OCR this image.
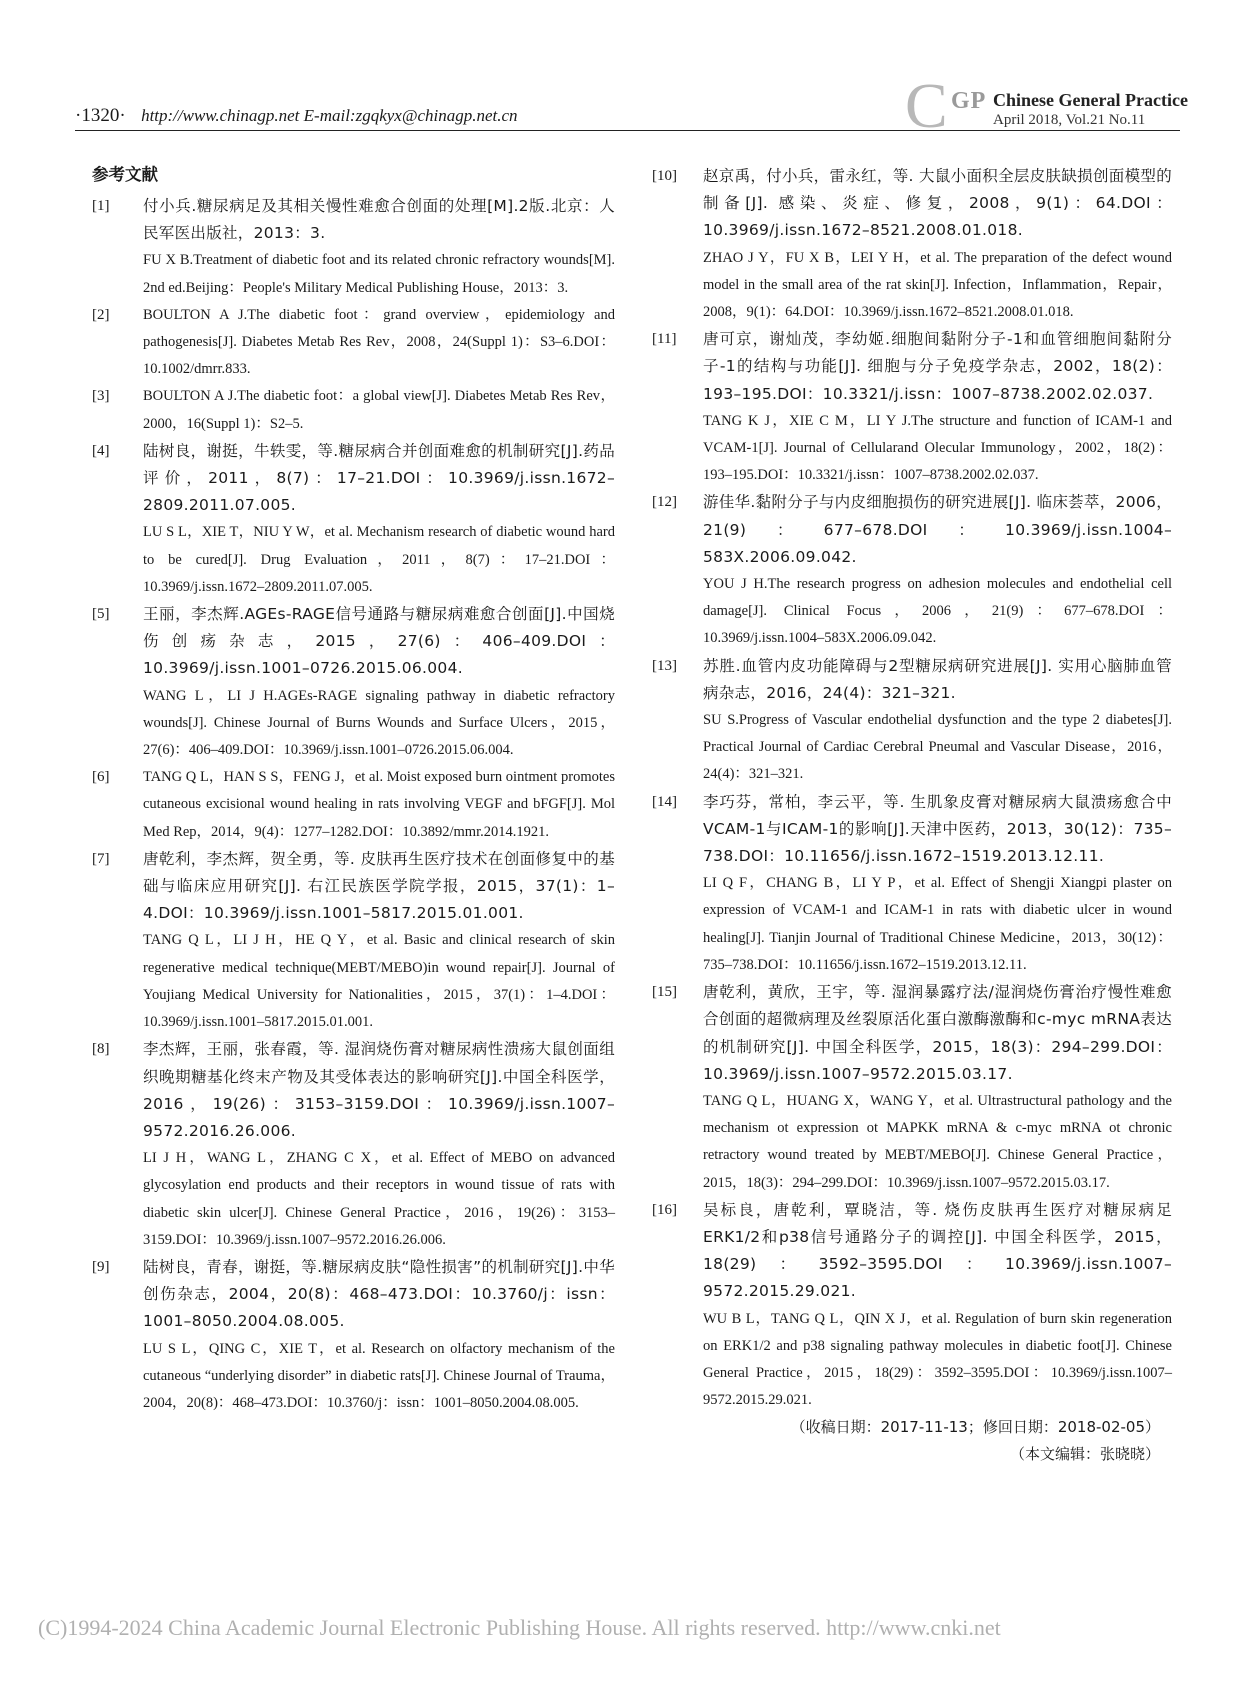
·1320· http://www.chinagp.net E-mail:zgqkyx@chinagp.net.cn	C GP Chinese General Practice
April 2018, Vol.21 No.11
参考文献
[1] 付小兵.糖尿病足及其相关慢性难愈合创面的处理[M].2版.北京：人民军医出版社，2013：3.
FU X B.Treatment of diabetic foot and its related chronic refractory wounds[M]. 2nd ed.Beijing：People's Military Medical Publishing House，2013：3.
[2] BOULTON A J.The diabetic foot：grand overview，epidemiology and pathogenesis[J]. Diabetes Metab Res Rev，2008，24(Suppl 1)：S3–6.DOI：10.1002/dmrr.833.
[3] BOULTON A J.The diabetic foot：a global view[J]. Diabetes Metab Res Rev，2000，16(Suppl 1)：S2–5.
[4] 陆树良，谢挺，牛轶雯，等.糖尿病合并创面难愈的机制研究[J].药品评价，2011，8(7)：17–21.DOI：10.3969/j.issn.1672–2809.2011.07.005.
LU S L，XIE T，NIU Y W，et al. Mechanism research of diabetic wound hard to be cured[J]. Drug Evaluation，2011，8(7)：17–21.DOI：10.3969/j.issn.1672–2809.2011.07.005.
[5] 王丽，李杰辉.AGEs-RAGE信号通路与糖尿病难愈合创面[J].中国烧伤创疡杂志，2015，27(6)：406–409.DOI：10.3969/j.issn.1001–0726.2015.06.004.
WANG L，LI J H.AGEs-RAGE signaling pathway in diabetic refractory wounds[J]. Chinese Journal of Burns Wounds and Surface Ulcers，2015，27(6)：406–409.DOI：10.3969/j.issn.1001–0726.2015.06.004.
[6] TANG Q L，HAN S S，FENG J，et al. Moist exposed burn ointment promotes cutaneous excisional wound healing in rats involving VEGF and bFGF[J]. Mol Med Rep，2014，9(4)：1277–1282.DOI：10.3892/mmr.2014.1921.
[7] 唐乾利，李杰辉，贺全勇，等. 皮肤再生医疗技术在创面修复中的基础与临床应用研究[J]. 右江民族医学院学报，2015，37(1)：1–4.DOI：10.3969/j.issn.1001–5817.2015.01.001.
TANG Q L，LI J H，HE Q Y，et al. Basic and clinical research of skin regenerative medical technique(MEBT/MEBO)in wound repair[J]. Journal of Youjiang Medical University for Nationalities，2015，37(1)：1–4.DOI：10.3969/j.issn.1001–5817.2015.01.001.
[8] 李杰辉，王丽，张春霞，等. 湿润烧伤膏对糖尿病性溃疡大鼠创面组织晚期糖基化终末产物及其受体表达的影响研究[J].中国全科医学，2016，19(26)：3153–3159.DOI：10.3969/j.issn.1007–9572.2016.26.006.
LI J H，WANG L，ZHANG C X，et al. Effect of MEBO on advanced glycosylation end products and their receptors in wound tissue of rats with diabetic skin ulcer[J]. Chinese General Practice，2016，19(26)：3153–3159.DOI：10.3969/j.issn.1007–9572.2016.26.006.
[9] 陆树良，青春，谢挺，等.糖尿病皮肤“隐性损害”的机制研究[J].中华创伤杂志，2004，20(8)：468–473.DOI：10.3760/j：issn：1001–8050.2004.08.005.
LU S L，QING C，XIE T，et al. Research on olfactory mechanism of the cutaneous “underlying disorder” in diabetic rats[J]. Chinese Journal of Trauma，2004，20(8)：468–473.DOI：10.3760/j：issn：1001–8050.2004.08.005.
[10] 赵京禹，付小兵，雷永红，等. 大鼠小面积全层皮肤缺损创面模型的制备[J]. 感染、炎症、修复，2008，9(1)：64.DOI：10.3969/j.issn.1672–8521.2008.01.018.
ZHAO J Y，FU X B，LEI Y H，et al. The preparation of the defect wound model in the small area of the rat skin[J]. Infection，Inflammation，Repair，2008，9(1)：64.DOI：10.3969/j.issn.1672–8521.2008.01.018.
[11] 唐可京，谢灿茂，李幼姬.细胞间黏附分子-1和血管细胞间黏附分子-1的结构与功能[J]. 细胞与分子免疫学杂志，2002，18(2)：193–195.DOI：10.3321/j.issn：1007–8738.2002.02.037.
TANG K J，XIE C M，LI Y J.The structure and function of ICAM-1 and VCAM-1[J]. Journal of Cellularand Olecular Immunology，2002，18(2)：193–195.DOI：10.3321/j.issn：1007–8738.2002.02.037.
[12] 游佳华.黏附分子与内皮细胞损伤的研究进展[J]. 临床荟萃，2006，21(9)：677–678.DOI：10.3969/j.issn.1004–583X.2006.09.042.
YOU J H.The research progress on adhesion molecules and endothelial cell damage[J]. Clinical Focus，2006，21(9)：677–678.DOI：10.3969/j.issn.1004–583X.2006.09.042.
[13] 苏胜.血管内皮功能障碍与2型糖尿病研究进展[J]. 实用心脑肺血管病杂志，2016，24(4)：321–321.
SU S.Progress of Vascular endothelial dysfunction and the type 2 diabetes[J]. Practical Journal of Cardiac Cerebral Pneumal and Vascular Disease，2016，24(4)：321–321.
[14] 李巧芬，常柏，李云平，等. 生肌象皮膏对糖尿病大鼠溃疡愈合中VCAM-1与ICAM-1的影响[J].天津中医药，2013，30(12)：735–738.DOI：10.11656/j.issn.1672–1519.2013.12.11.
LI Q F，CHANG B，LI Y P，et al. Effect of Shengji Xiangpi plaster on expression of VCAM-1 and ICAM-1 in rats with diabetic ulcer in wound healing[J]. Tianjin Journal of Traditional Chinese Medicine，2013，30(12)：735–738.DOI：10.11656/j.issn.1672–1519.2013.12.11.
[15] 唐乾利，黄欣，王宇，等. 湿润暴露疗法/湿润烧伤膏治疗慢性难愈合创面的超微病理及丝裂原活化蛋白激酶激酶和c-myc mRNA表达的机制研究[J]. 中国全科医学，2015，18(3)：294–299.DOI：10.3969/j.issn.1007–9572.2015.03.17.
TANG Q L，HUANG X，WANG Y，et al. Ultrastructural pathology and the mechanism ot expression ot MAPKK mRNA & c-myc mRNA ot chronic retractory wound treated by MEBT/MEBO[J]. Chinese General Practice，2015，18(3)：294–299.DOI：10.3969/j.issn.1007–9572.2015.03.17.
[16] 吴标良，唐乾利，覃晓洁，等. 烧伤皮肤再生医疗对糖尿病足ERK1/2和p38信号通路分子的调控[J]. 中国全科医学，2015，18(29)：3592–3595.DOI：10.3969/j.issn.1007–9572.2015.29.021.
WU B L，TANG Q L，QIN X J，et al. Regulation of burn skin regeneration on ERK1/2 and p38 signaling pathway molecules in diabetic foot[J]. Chinese General Practice，2015，18(29)：3592–3595.DOI：10.3969/j.issn.1007–9572.2015.29.021.
（收稿日期：2017-11-13；修回日期：2018-02-05）
（本文编辑：张晓晓）
(C)1994-2024 China Academic Journal Electronic Publishing House. All rights reserved. http://www.cnki.net
